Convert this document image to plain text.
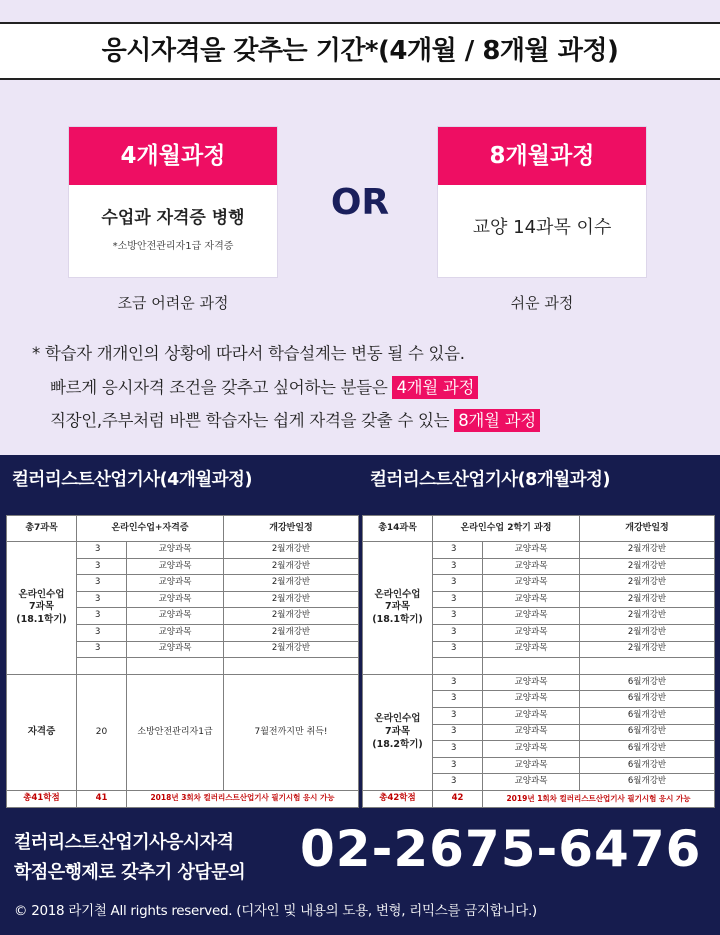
응시자격을 갖추는 기간*(4개월 / 8개월 과정)
4개월과정
수업과 자격증 병행
*소방안전관리자1급 자격증
OR
8개월과정
교양 14과목 이수
조금 어려운 과정	쉬운 과정
* 학습자 개개인의 상황에 따라서 학습설계는 변동 될 수 있음.
빠르게 응시자격 조건을 갖추고 싶어하는 분들은 4개월 과정
직장인,주부처럼 바쁜 학습자는 쉽게 자격을 갖출 수 있는 8개월 과정
컬러리스트산업기사(4개월과정)	컬러리스트산업기사(8개월과정)
총7과목	온라인수업+자격증		개강반일정
온라인수업
7과목
(18.1학기)	3	교양과목	2월개강반
	3	교양과목	2월개강반
	3	교양과목	2월개강반
	3	교양과목	2월개강반
	3	교양과목	2월개강반
	3	교양과목	2월개강반
	3	교양과목	2월개강반

자격증	20	소방안전관리자1급	7월전까지만 취득!
총41학점	41	2018년 3회차 컬러리스트산업기사 필기시험 응시 가능	
총14과목	온라인수업 2학기 과정		개강반일정
온라인수업
7과목
(18.1학기)	3	교양과목	2월개강반
	3	교양과목	2월개강반
	3	교양과목	2월개강반
	3	교양과목	2월개강반
	3	교양과목	2월개강반
	3	교양과목	2월개강반
	3	교양과목	2월개강반

온라인수업
7과목
(18.2학기)	3	교양과목	6월개강반
	3	교양과목	6월개강반
	3	교양과목	6월개강반
	3	교양과목	6월개강반
	3	교양과목	6월개강반
	3	교양과목	6월개강반
	3	교양과목	6월개강반
총42학점	42	2019년 1회차 컬러리스트산업기사 필기시험 응시 가능	
컬러리스트산업기사응시자격
학점은행제로 갖추기 상담문의 02-2675-6476
© 2018 라기철 All rights reserved. (디자인 및 내용의 도용, 변형, 리믹스를 금지합니다.)
